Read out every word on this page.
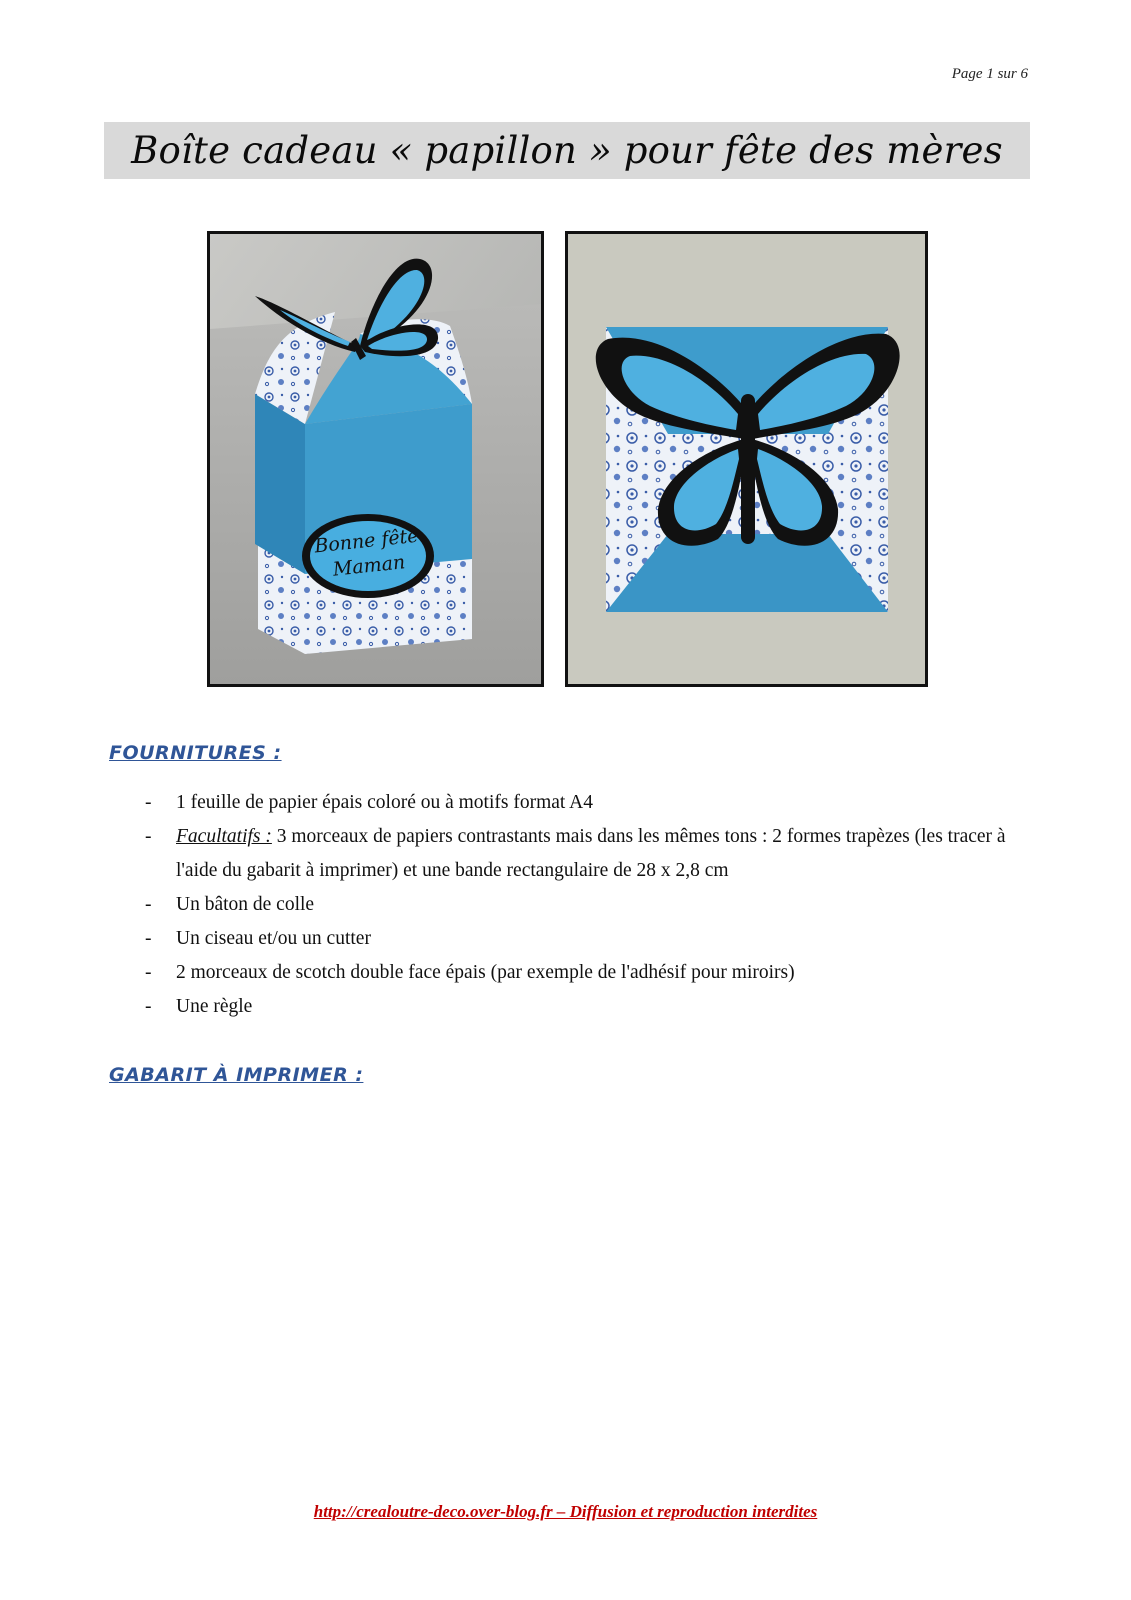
Page 1 sur 6
Boîte cadeau « papillon » pour fête des mères
Bonne fête
Maman
FOURNITURES :
- 1 feuille de papier épais coloré ou à motifs format A4
- Facultatifs : 3 morceaux de papiers contrastants mais dans les mêmes tons : 2 formes trapèzes (les tracer à l'aide du gabarit à imprimer) et une bande rectangulaire de 28 x 2,8 cm
- Un bâton de colle
- Un ciseau et/ou un cutter
- 2 morceaux de scotch double face épais (par exemple de l'adhésif pour miroirs)
- Une règle
GABARIT À IMPRIMER :
http://crealoutre-deco.over-blog.fr – Diffusion et reproduction interdites
